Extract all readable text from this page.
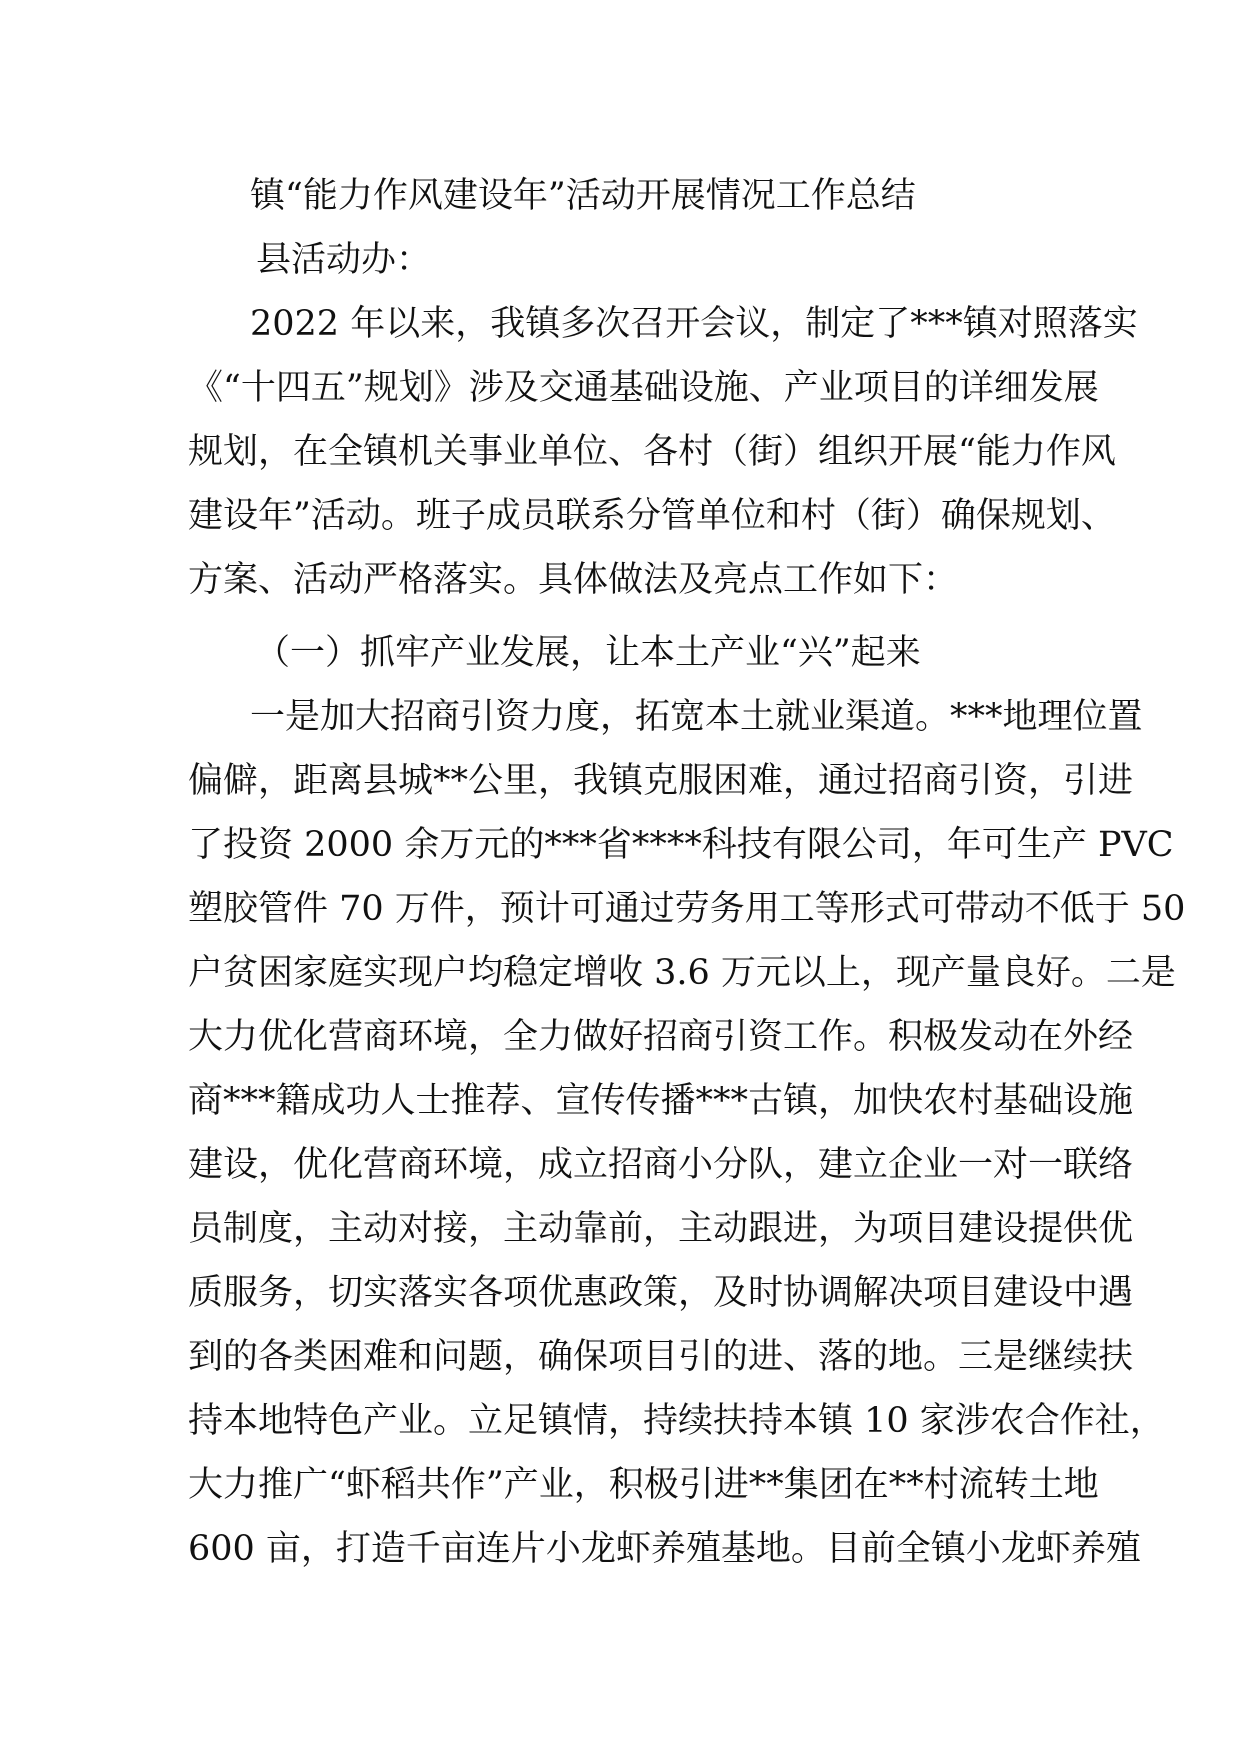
镇“能力作风建设年”活动开展情况工作总结
县活动办：
2022 年以来，我镇多次召开会议，制定了***镇对照落实
《“十四五”规划》涉及交通基础设施、产业项目的详细发展
规划，在全镇机关事业单位、各村（街）组织开展“能力作风
建设年”活动。班子成员联系分管单位和村（街）确保规划、
方案、活动严格落实。具体做法及亮点工作如下：
（一）抓牢产业发展，让本土产业“兴”起来
一是加大招商引资力度，拓宽本土就业渠道。***地理位置
偏僻，距离县城**公里，我镇克服困难，通过招商引资，引进
了投资 2000 余万元的***省****科技有限公司，年可生产 PVC
塑胶管件 70 万件，预计可通过劳务用工等形式可带动不低于 50
户贫困家庭实现户均稳定增收 3.6 万元以上，现产量良好。二是
大力优化营商环境，全力做好招商引资工作。积极发动在外经
商***籍成功人士推荐、宣传传播***古镇，加快农村基础设施
建设，优化营商环境，成立招商小分队，建立企业一对一联络
员制度，主动对接，主动靠前，主动跟进，为项目建设提供优
质服务，切实落实各项优惠政策，及时协调解决项目建设中遇
到的各类困难和问题，确保项目引的进、落的地。三是继续扶
持本地特色产业。立足镇情，持续扶持本镇 10 家涉农合作社，
大力推广“虾稻共作”产业，积极引进**集团在**村流转土地
600 亩，打造千亩连片小龙虾养殖基地。目前全镇小龙虾养殖
